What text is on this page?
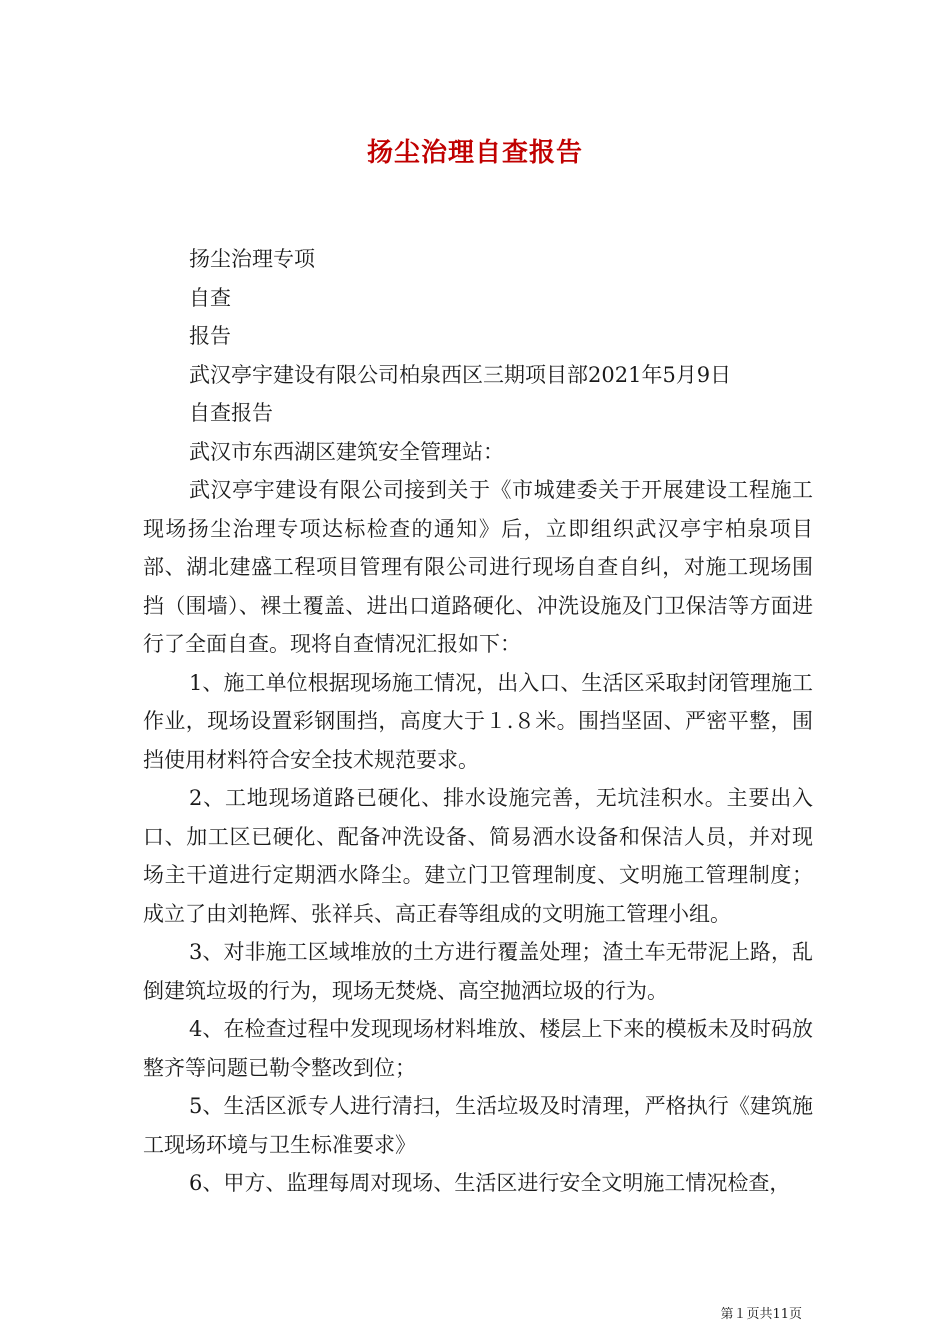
扬尘治理自查报告

扬尘治理专项

自查

报告

武汉亭宇建设有限公司柏泉西区三期项目部2021年5月9日

自查报告

武汉市东西湖区建筑安全管理站：

武汉亭宇建设有限公司接到关于《市城建委关于开展建设工程施工现场扬尘治理专项达标检查的通知》后，立即组织武汉亭宇柏泉项目部、湖北建盛工程项目管理有限公司进行现场自查自纠，对施工现场围挡（围墙）、裸土覆盖、进出口道路硬化、冲洗设施及门卫保洁等方面进行了全面自查。现将自查情况汇报如下：

1、施工单位根据现场施工情况，出入口、生活区采取封闭管理施工作业，现场设置彩钢围挡，高度大于１.８米。围挡坚固、严密平整，围挡使用材料符合安全技术规范要求。

2、工地现场道路已硬化、排水设施完善，无坑洼积水。主要出入口、加工区已硬化、配备冲洗设备、简易洒水设备和保洁人员，并对现场主干道进行定期洒水降尘。建立门卫管理制度、文明施工管理制度；成立了由刘艳辉、张祥兵、高正春等组成的文明施工管理小组。

3、对非施工区域堆放的土方进行覆盖处理；渣土车无带泥上路，乱倒建筑垃圾的行为，现场无焚烧、高空抛洒垃圾的行为。

4、在检查过程中发现现场材料堆放、楼层上下来的模板未及时码放整齐等问题已勒令整改到位；

5、生活区派专人进行清扫，生活垃圾及时清理，严格执行《建筑施工现场环境与卫生标准要求》

6、甲方、监理每周对现场、生活区进行安全文明施工情况检查，

第１页共11页
